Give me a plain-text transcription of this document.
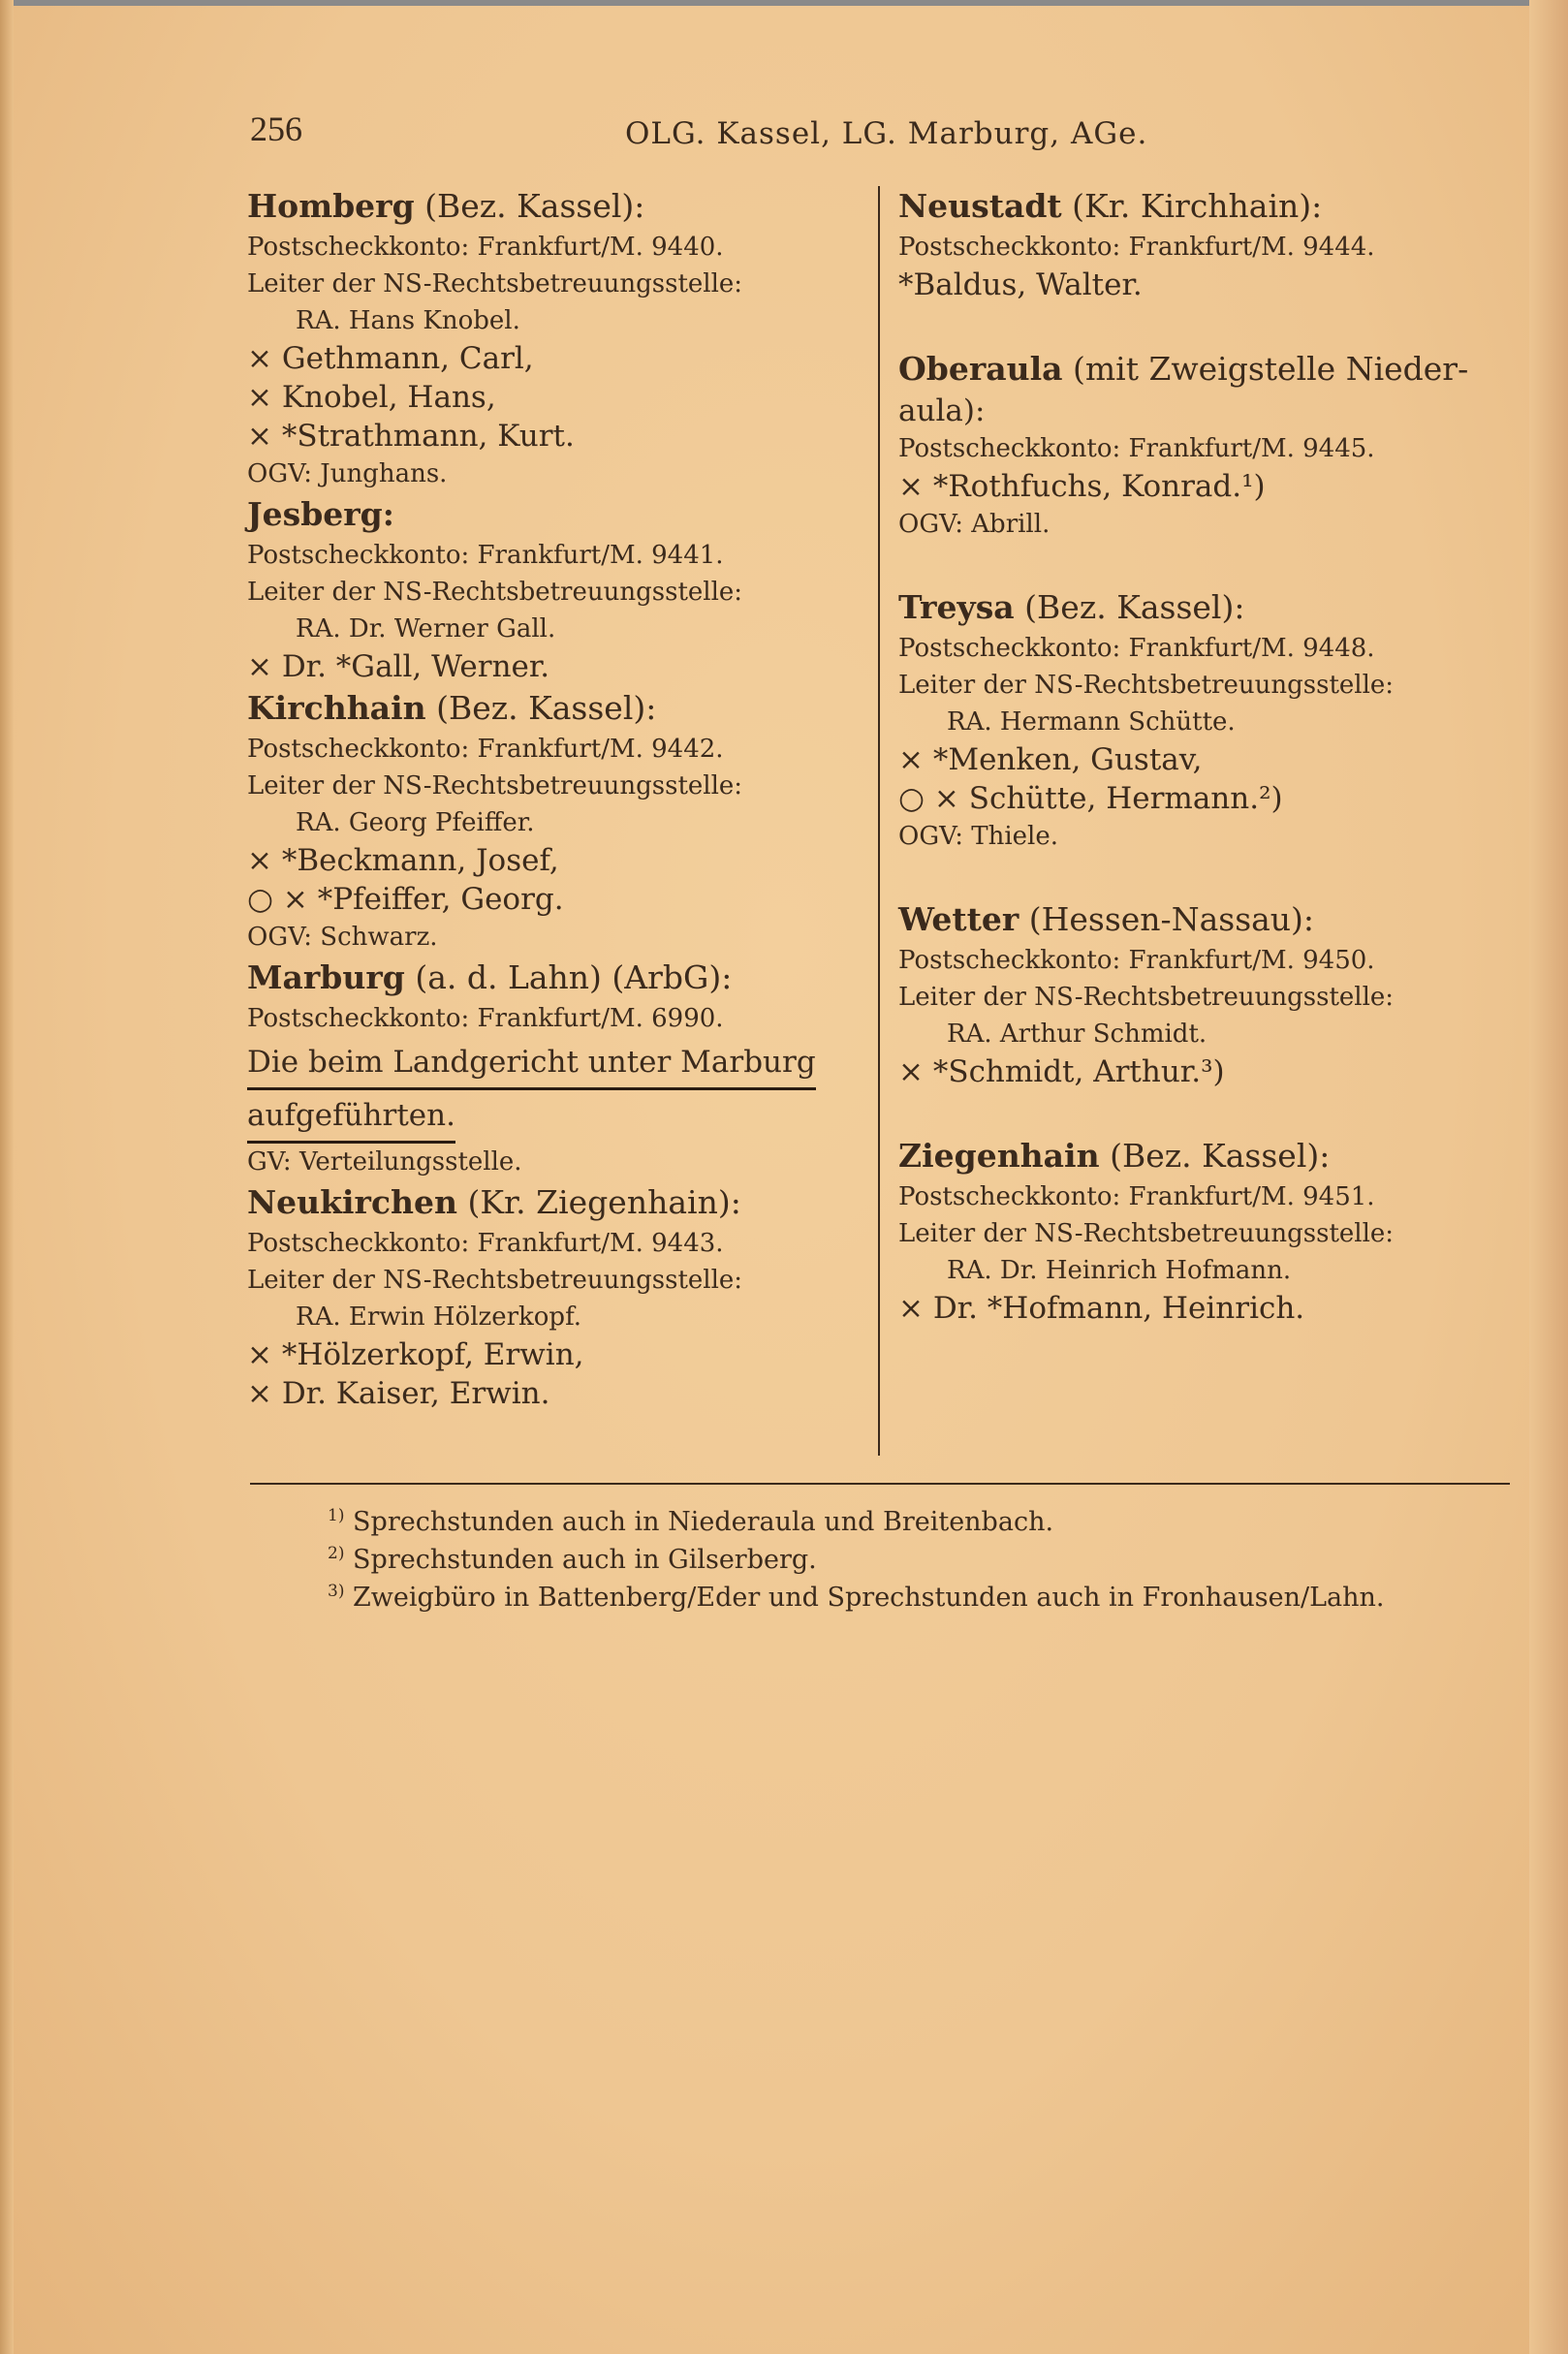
256	OLG. Kassel, LG. Marburg, AGe.
Homberg (Bez. Kassel):
Postscheckkonto: Frankfurt/M. 9440.
Leiter der NS-Rechtsbetreuungsstelle:
RA. Hans Knobel.
× Gethmann, Carl,
× Knobel, Hans,
× *Strathmann, Kurt.
OGV: Junghans.
Jesberg:
Postscheckkonto: Frankfurt/M. 9441.
Leiter der NS-Rechtsbetreuungsstelle:
RA. Dr. Werner Gall.
× Dr. *Gall, Werner.
Kirchhain (Bez. Kassel):
Postscheckkonto: Frankfurt/M. 9442.
Leiter der NS-Rechtsbetreuungsstelle:
RA. Georg Pfeiffer.
× *Beckmann, Josef,
○ × *Pfeiffer, Georg.
OGV: Schwarz.
Marburg (a. d. Lahn) (ArbG):
Postscheckkonto: Frankfurt/M. 6990.
Die beim Landgericht unter Marburg
aufgeführten.
GV: Verteilungsstelle.
Neukirchen (Kr. Ziegenhain):
Postscheckkonto: Frankfurt/M. 9443.
Leiter der NS-Rechtsbetreuungsstelle:
RA. Erwin Hölzerkopf.
× *Hölzerkopf, Erwin,
× Dr. Kaiser, Erwin.
Neustadt (Kr. Kirchhain):
Postscheckkonto: Frankfurt/M. 9444.
*Baldus, Walter.
Oberaula (mit Zweigstelle Nieder-
aula):
Postscheckkonto: Frankfurt/M. 9445.
× *Rothfuchs, Konrad.¹)
OGV: Abrill.
Treysa (Bez. Kassel):
Postscheckkonto: Frankfurt/M. 9448.
Leiter der NS-Rechtsbetreuungsstelle:
RA. Hermann Schütte.
× *Menken, Gustav,
○ × Schütte, Hermann.²)
OGV: Thiele.
Wetter (Hessen-Nassau):
Postscheckkonto: Frankfurt/M. 9450.
Leiter der NS-Rechtsbetreuungsstelle:
RA. Arthur Schmidt.
× *Schmidt, Arthur.³)
Ziegenhain (Bez. Kassel):
Postscheckkonto: Frankfurt/M. 9451.
Leiter der NS-Rechtsbetreuungsstelle:
RA. Dr. Heinrich Hofmann.
× Dr. *Hofmann, Heinrich.
$^{1)}$ Sprechstunden auch in Niederaula und Breitenbach.
$^{2)}$ Sprechstunden auch in Gilserberg.
$^{3)}$ Zweigbüro in Battenberg/Eder und Sprechstunden auch in Fronhausen/Lahn.
